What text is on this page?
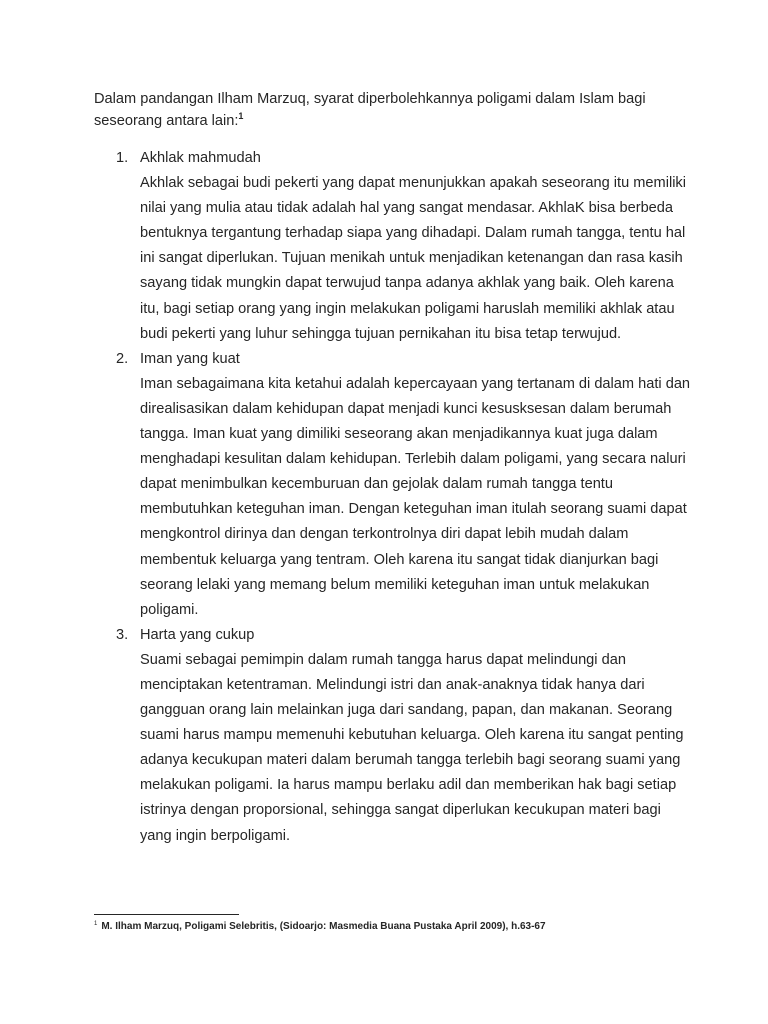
Dalam pandangan Ilham Marzuq, syarat diperbolehkannya poligami dalam Islam bagi seseorang antara lain:$^1$

1. Akhlak mahmudah
Akhlak sebagai budi pekerti yang dapat menunjukkan apakah seseorang itu memiliki nilai yang mulia atau tidak adalah hal yang sangat mendasar. AkhlaK bisa berbeda bentuknya tergantung terhadap siapa yang dihadapi. Dalam rumah tangga, tentu hal ini sangat diperlukan. Tujuan menikah untuk menjadikan ketenangan dan rasa kasih sayang tidak mungkin dapat terwujud tanpa adanya akhlak yang baik. Oleh karena itu, bagi setiap orang yang ingin melakukan poligami haruslah memiliki akhlak atau budi pekerti yang luhur sehingga tujuan pernikahan itu bisa tetap terwujud.
2. Iman yang kuat
Iman sebagaimana kita ketahui adalah kepercayaan yang tertanam di dalam hati dan direalisasikan dalam kehidupan dapat menjadi kunci kesusksesan dalam berumah tangga. Iman kuat yang dimiliki seseorang akan menjadikannya kuat juga dalam menghadapi kesulitan dalam kehidupan. Terlebih dalam poligami, yang secara naluri dapat menimbulkan kecemburuan dan gejolak dalam rumah tangga tentu membutuhkan keteguhan iman. Dengan keteguhan iman itulah seorang suami dapat mengkontrol dirinya dan dengan terkontrolnya diri dapat lebih mudah dalam membentuk keluarga yang tentram. Oleh karena itu sangat tidak dianjurkan bagi seorang lelaki yang memang belum memiliki keteguhan iman untuk melakukan poligami.
3. Harta yang cukup
Suami sebagai pemimpin dalam rumah tangga harus dapat melindungi dan menciptakan ketentraman. Melindungi istri dan anak-anaknya tidak hanya dari gangguan orang lain melainkan juga dari sandang, papan, dan makanan. Seorang suami harus mampu memenuhi kebutuhan keluarga. Oleh karena itu sangat penting adanya kecukupan materi dalam berumah tangga terlebih bagi seorang suami yang melakukan poligami. Ia harus mampu berlaku adil dan memberikan hak bagi setiap istrinya dengan proporsional, sehingga sangat diperlukan kecukupan materi bagi yang ingin berpoligami.

$^1$ M. Ilham Marzuq, Poligami Selebritis, (Sidoarjo: Masmedia Buana Pustaka April 2009), h.63-67
